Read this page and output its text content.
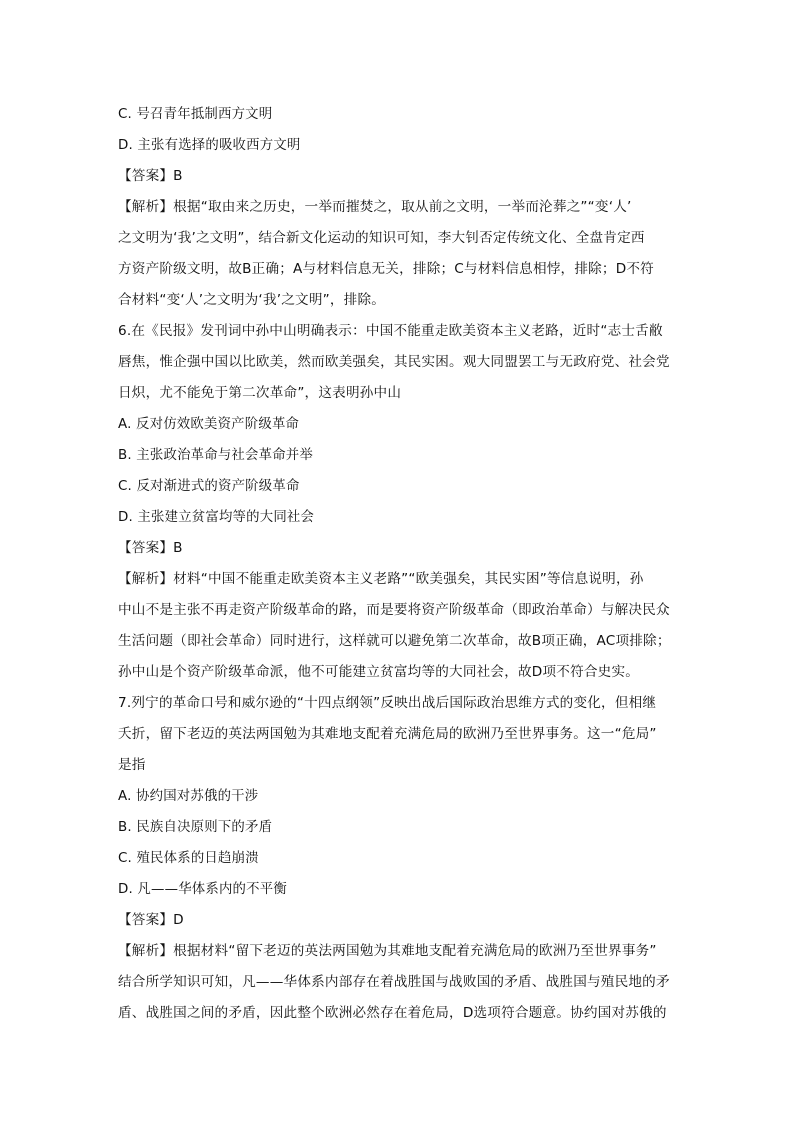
C. 号召青年抵制西方文明
D. 主张有选择的吸收西方文明
【答案】B
【解析】根据“取由来之历史，一举而摧焚之，取从前之文明，一举而沦葬之”“变‘人’
之文明为‘我’之文明”，结合新文化运动的知识可知，李大钊否定传统文化、全盘肯定西
方资产阶级文明，故B正确；A与材料信息无关，排除；C与材料信息相悖，排除；D不符
合材料“变‘人’之文明为‘我’之文明”，排除。
6.在《民报》发刊词中孙中山明确表示：中国不能重走欧美资本主义老路，近时“志士舌敝
唇焦，惟企强中国以比欧美，然而欧美强矣，其民实困。观大同盟罢工与无政府党、社会党
日炽，尤不能免于第二次革命”，这表明孙中山
A. 反对仿效欧美资产阶级革命
B. 主张政治革命与社会革命并举
C. 反对渐进式的资产阶级革命
D. 主张建立贫富均等的大同社会
【答案】B
【解析】材料“中国不能重走欧美资本主义老路”“欧美强矣，其民实困”等信息说明，孙
中山不是主张不再走资产阶级革命的路，而是要将资产阶级革命（即政治革命）与解决民众
生活问题（即社会革命）同时进行，这样就可以避免第二次革命，故B项正确，AC项排除；
孙中山是个资产阶级革命派，他不可能建立贫富均等的大同社会，故D项不符合史实。
7.列宁的革命口号和威尔逊的“十四点纲领”反映出战后国际政治思维方式的变化，但相继
夭折，留下老迈的英法两国勉为其难地支配着充满危局的欧洲乃至世界事务。这一“危局”
是指
A. 协约国对苏俄的干涉
B. 民族自决原则下的矛盾
C. 殖民体系的日趋崩溃
D. 凡——华体系内的不平衡
【答案】D
【解析】根据材料“留下老迈的英法两国勉为其难地支配着充满危局的欧洲乃至世界事务”
结合所学知识可知，凡——华体系内部存在着战胜国与战败国的矛盾、战胜国与殖民地的矛
盾、战胜国之间的矛盾，因此整个欧洲必然存在着危局，D选项符合题意。协约国对苏俄的
